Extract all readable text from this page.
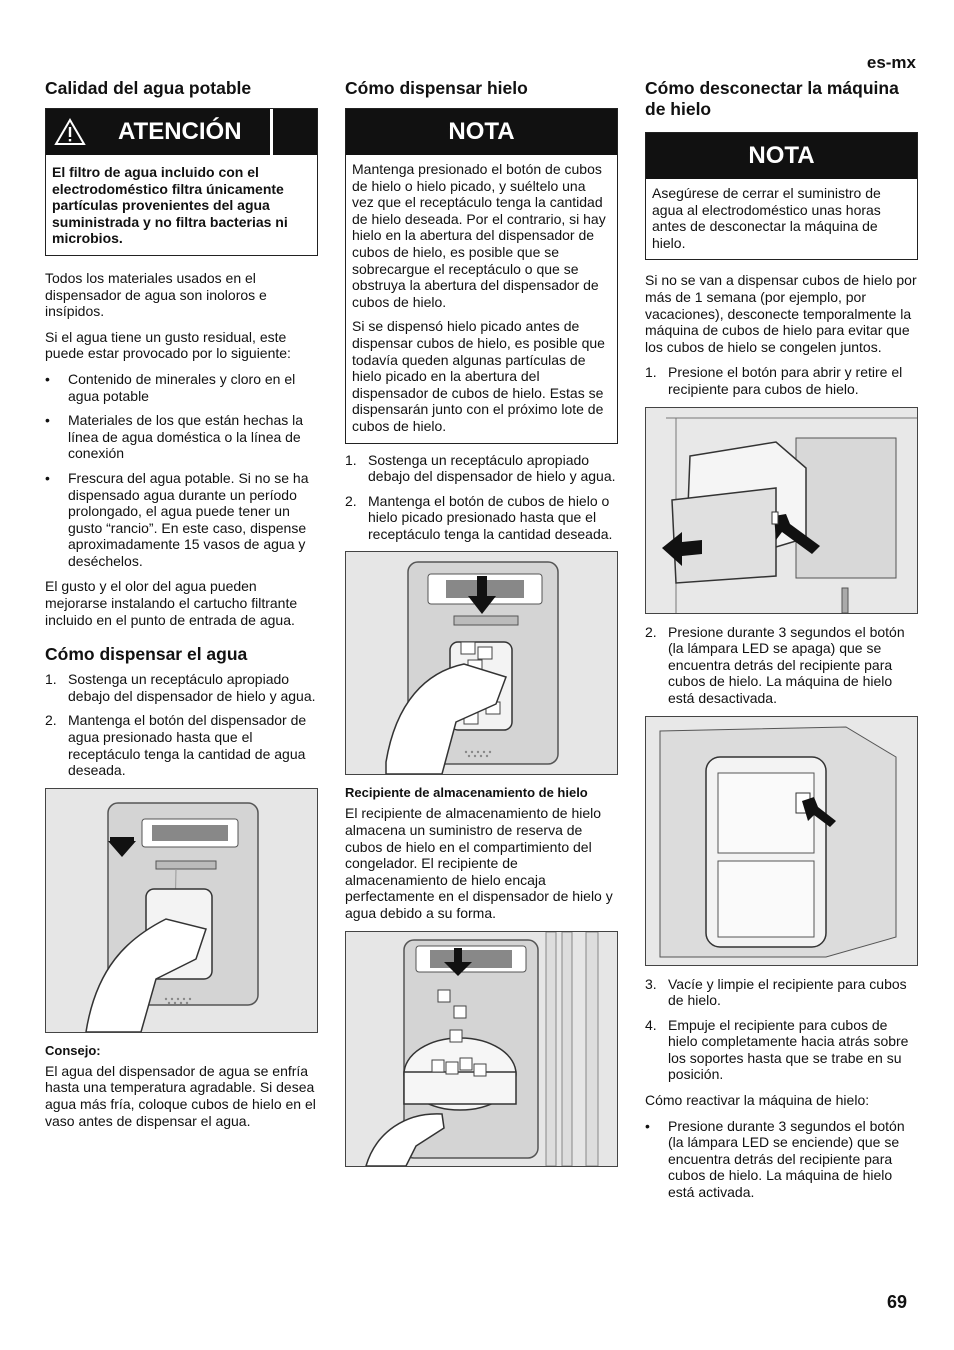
es-mx
Calidad del agua potable
ATENCIÓN

El filtro de agua incluido con el electrodoméstico filtra únicamente partículas provenientes del agua suministrada y no filtra bacterias ni microbios.

Todos los materiales usados en el dispensador de agua son inoloros e insípidos.

Si el agua tiene un gusto residual, este puede estar provocado por lo siguiente:

• Contenido de minerales y cloro en el agua potable
• Materiales de los que están hechas la línea de agua doméstica o la línea de conexión
• Frescura del agua potable. Si no se ha dispensado agua durante un período prolongado, el agua puede tener un gusto “rancio”. En este caso, dispense aproximadamente 15 vasos de agua y deséchelos.

El gusto y el olor del agua pueden mejorarse instalando el cartucho filtrante incluido en el punto de entrada de agua.

Cómo dispensar el agua
1. Sostenga un receptáculo apropiado debajo del dispensador de hielo y agua.
2. Mantenga el botón del dispensador de agua presionado hasta que el receptáculo tenga la cantidad de agua deseada.
Consejo:

El agua del dispensador de agua se enfría hasta una temperatura agradable. Si desea agua más fría, coloque cubos de hielo en el vaso antes de dispensar el agua.

Cómo dispensar hielo
NOTA

Mantenga presionado el botón de cubos de hielo o hielo picado, y suéltelo una vez que el receptáculo tenga la cantidad de hielo deseada. Por el contrario, si hay hielo en la abertura del dispensador de cubos de hielo, es posible que se sobrecargue el receptáculo o que se obstruya la abertura del dispensador de cubos de hielo.

Si se dispensó hielo picado antes de dispensar cubos de hielo, es posible que todavía queden algunas partículas de hielo picado en la abertura del dispensador de cubos de hielo. Estas se dispensarán junto con el próximo lote de cubos de hielo.

1. Sostenga un receptáculo apropiado debajo del dispensador de hielo y agua.
2. Mantenga el botón de cubos de hielo o hielo picado presionado hasta que el receptáculo tenga la cantidad deseada.
Recipiente de almacenamiento de hielo

El recipiente de almacenamiento de hielo almacena un suministro de reserva de cubos de hielo en el compartimiento del congelador. El recipiente de almacenamiento de hielo encaja perfectamente en el dispensador de hielo y agua debido a su forma.

Cómo desconectar la máquina de hielo
NOTA

Asegúrese de cerrar el suministro de agua al electrodoméstico unas horas antes de desconectar la máquina de hielo.

Si no se van a dispensar cubos de hielo por más de 1 semana (por ejemplo, por vacaciones), desconecte temporalmente la máquina de cubos de hielo para evitar que los cubos de hielo se congelen juntos.

1. Presione el botón para abrir y retire el recipiente para cubos de hielo.
2. Presione durante 3 segundos el botón (la lámpara LED se apaga) que se encuentra detrás del recipiente para cubos de hielo. La máquina de hielo está desactivada.
3. Vacíe y limpie el recipiente para cubos de hielo.
4. Empuje el recipiente para cubos de hielo completamente hacia atrás sobre los soportes hasta que se trabe en su posición.

Cómo reactivar la máquina de hielo:

• Presione durante 3 segundos el botón (la lámpara LED se enciende) que se encuentra detrás del recipiente para cubos de hielo. La máquina de hielo está activada.
69
